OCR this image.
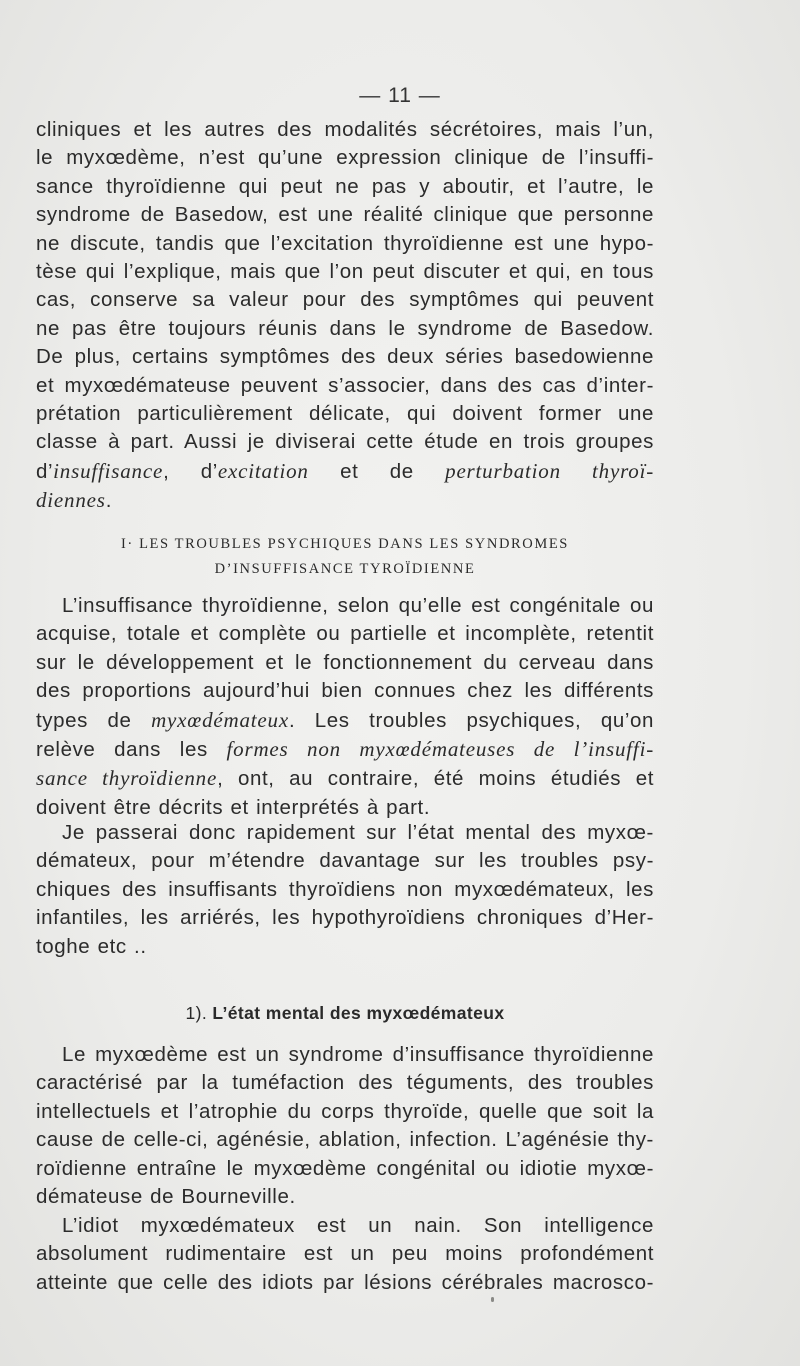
— 11 —

cliniques et les autres des modalités sécrétoires, mais l’un,

le myxœdème, n’est qu’une expression clinique de l’insuffi-

sance thyroïdienne qui peut ne pas y aboutir, et l’autre, le

syndrome de Basedow, est une réalité clinique que personne

ne discute, tandis que l’excitation thyroïdienne est une hypo-

tèse qui l’explique, mais que l’on peut discuter et qui, en tous

cas, conserve sa valeur pour des symptômes qui peuvent

ne pas être toujours réunis dans le syndrome de Basedow.

De plus, certains symptômes des deux séries basedowienne

et myxœdémateuse peuvent s’associer, dans des cas d’inter-

prétation particulièrement délicate, qui doivent former une

classe à part. Aussi je diviserai cette étude en trois groupes

d’insuffisance, d’excitation et de perturbation thyroï-

diennes.

I· LES TROUBLES PSYCHIQUES DANS LES SYNDROMES
D’INSUFFISANCE TYROÏDIENNE

L’insuffisance thyroïdienne, selon qu’elle est congénitale ou

acquise, totale et complète ou partielle et incomplète, retentit

sur le développement et le fonctionnement du cerveau dans

des proportions aujourd’hui bien connues chez les différents

types de myxœdémateux. Les troubles psychiques, qu’on

relève dans les formes non myxœdémateuses de l’insuffi-

sance thyroïdienne, ont, au contraire, été moins étudiés et

doivent être décrits et interprétés à part.

Je passerai donc rapidement sur l’état mental des myxœ-

démateux, pour m’étendre davantage sur les troubles psy-

chiques des insuffisants thyroïdiens non myxœdémateux, les

infantiles, les arriérés, les hypothyroïdiens chroniques d’Her-

toghe etc ..

1). L’état mental des myxœdémateux

Le myxœdème est un syndrome d’insuffisance thyroïdienne

caractérisé par la tuméfaction des téguments, des troubles

intellectuels et l’atrophie du corps thyroïde, quelle que soit la

cause de celle-ci, agénésie, ablation, infection. L’agénésie thy-

roïdienne entraîne le myxœdème congénital ou idiotie myxœ-

démateuse de Bourneville.

L’idiot myxœdémateux est un nain. Son intelligence

absolument rudimentaire est un peu moins profondément

atteinte que celle des idiots par lésions cérébrales macrosco-
